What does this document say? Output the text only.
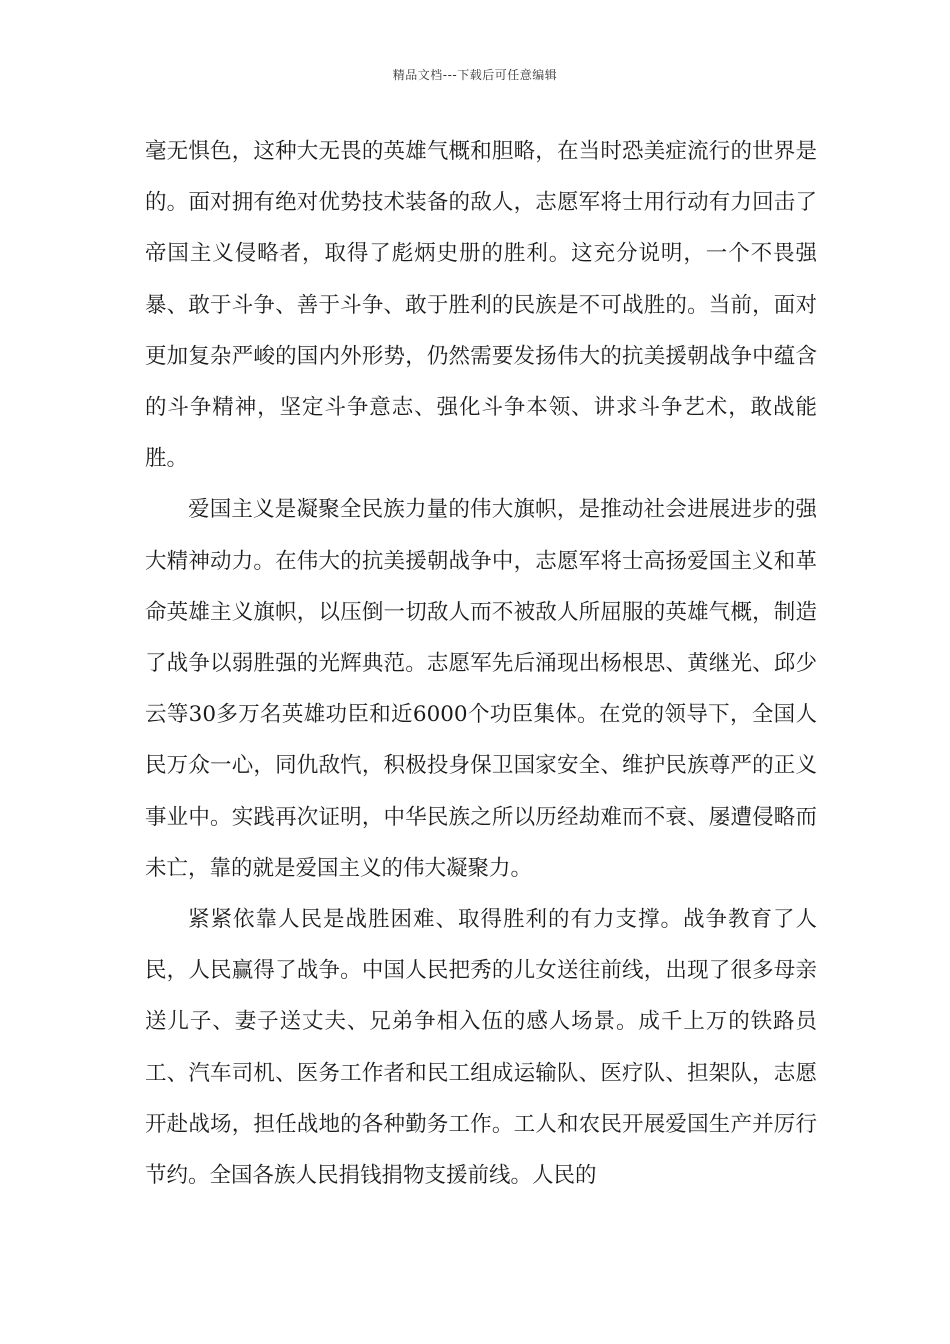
精品文档---下载后可任意编辑

毫无惧色，这种大无畏的英雄气概和胆略，在当时恐美症流行的世界是的。面对拥有绝对优势技术装备的敌人，志愿军将士用行动有力回击了帝国主义侵略者，取得了彪炳史册的胜利。这充分说明，一个不畏强暴、敢于斗争、善于斗争、敢于胜利的民族是不可战胜的。当前，面对更加复杂严峻的国内外形势，仍然需要发扬伟大的抗美援朝战争中蕴含的斗争精神，坚定斗争意志、强化斗争本领、讲求斗争艺术，敢战能胜。

爱国主义是凝聚全民族力量的伟大旗帜，是推动社会进展进步的强大精神动力。在伟大的抗美援朝战争中，志愿军将士高扬爱国主义和革命英雄主义旗帜，以压倒一切敌人而不被敌人所屈服的英雄气概，制造了战争以弱胜强的光辉典范。志愿军先后涌现出杨根思、黄继光、邱少云等30多万名英雄功臣和近6000个功臣集体。在党的领导下，全国人民万众一心，同仇敌忾，积极投身保卫国家安全、维护民族尊严的正义事业中。实践再次证明，中华民族之所以历经劫难而不衰、屡遭侵略而未亡，靠的就是爱国主义的伟大凝聚力。

紧紧依靠人民是战胜困难、取得胜利的有力支撑。战争教育了人民，人民赢得了战争。中国人民把秀的儿女送往前线，出现了很多母亲送儿子、妻子送丈夫、兄弟争相入伍的感人场景。成千上万的铁路员工、汽车司机、医务工作者和民工组成运输队、医疗队、担架队，志愿开赴战场，担任战地的各种勤务工作。工人和农民开展爱国生产并厉行节约。全国各族人民捐钱捐物支援前线。人民的
